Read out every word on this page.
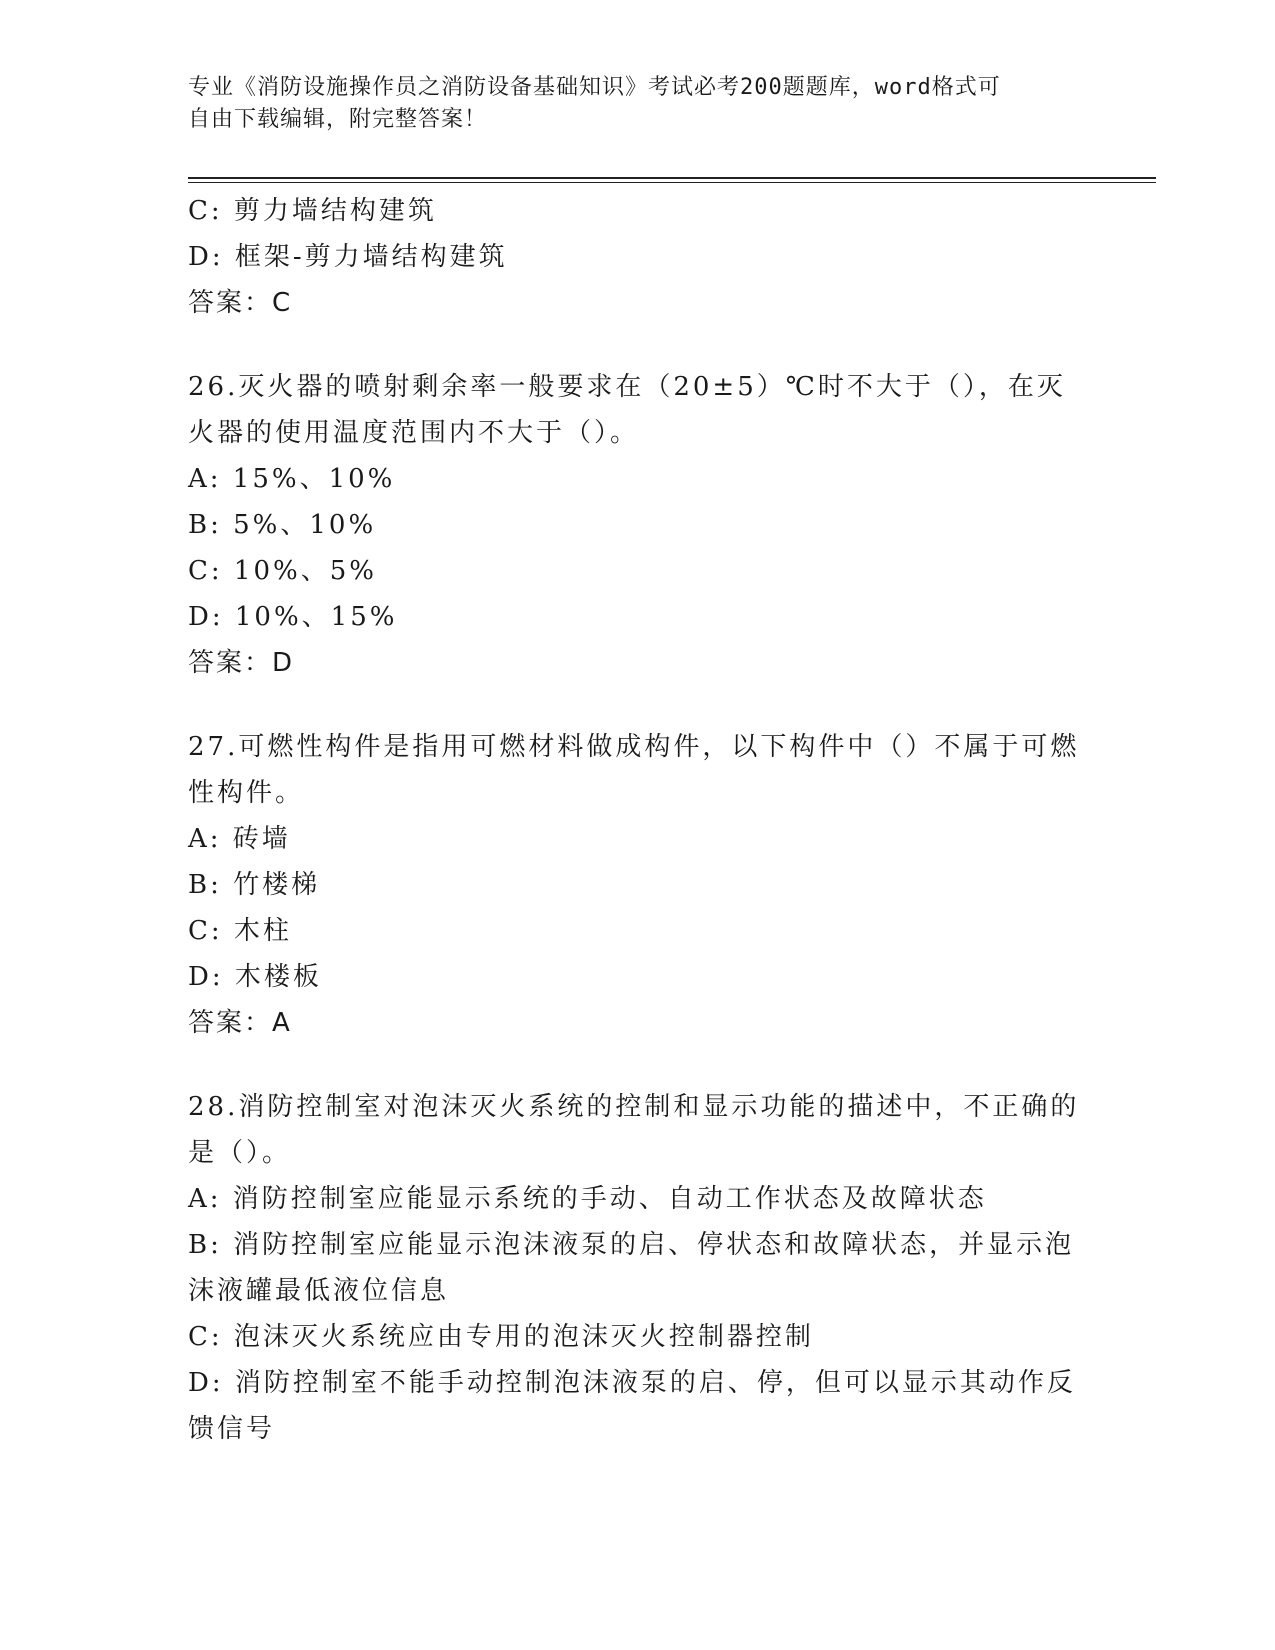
专业《消防设施操作员之消防设备基础知识》考试必考200题题库，word格式可
自由下载编辑，附完整答案！
C: 剪力墙结构建筑
D: 框架-剪力墙结构建筑
答案：C
26.灭火器的喷射剩余率一般要求在（20±5）℃时不大于（），在灭
火器的使用温度范围内不大于（）。
A: 15%、10%
B: 5%、10%
C: 10%、5%
D: 10%、15%
答案：D
27.可燃性构件是指用可燃材料做成构件，以下构件中（）不属于可燃
性构件。
A: 砖墙
B: 竹楼梯
C: 木柱
D: 木楼板
答案：A
28.消防控制室对泡沫灭火系统的控制和显示功能的描述中，不正确的
是（）。
A: 消防控制室应能显示系统的手动、自动工作状态及故障状态
B: 消防控制室应能显示泡沫液泵的启、停状态和故障状态，并显示泡
沫液罐最低液位信息
C: 泡沫灭火系统应由专用的泡沫灭火控制器控制
D: 消防控制室不能手动控制泡沫液泵的启、停，但可以显示其动作反
馈信号
